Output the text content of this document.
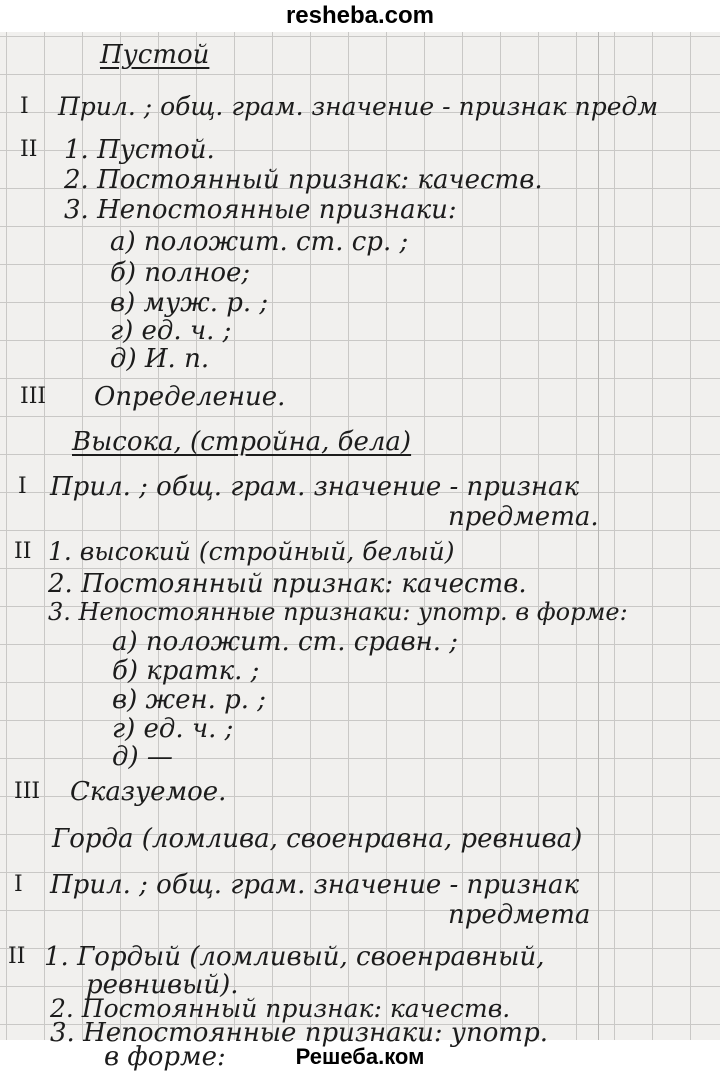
resheba.com
Пустой
I Прил. ; общ. грам. значение - признак предм
II 1. Пустой.
2. Постоянный признак: качеств.
3. Непостоянные признаки:
а) положит. ст. ср. ;
б) полное;
в) муж. р. ;
г) ед. ч. ;
д) И. п.
III Определение.
Высока, (стройна, бела)
I Прил. ; общ. грам. значение - признак
предмета.
II 1. высокий (стройный, белый)
2. Постоянный признак: качеств.
3. Непостоянные признаки: употр. в форме:
а) положит. ст. сравн. ;
б) кратк. ;
в) жен. р. ;
г) ед. ч. ;
д) —
III Сказуемое.
Горда (ломлива, своенравна, ревнива)
I Прил. ; общ. грам. значение - признак
предмета
II 1. Гордый (ломливый, своенравный,
ревнивый).
2. Постоянный признак: качеств.
3. Непостоянные признаки: употр.
в форме:	Решеба.ком
